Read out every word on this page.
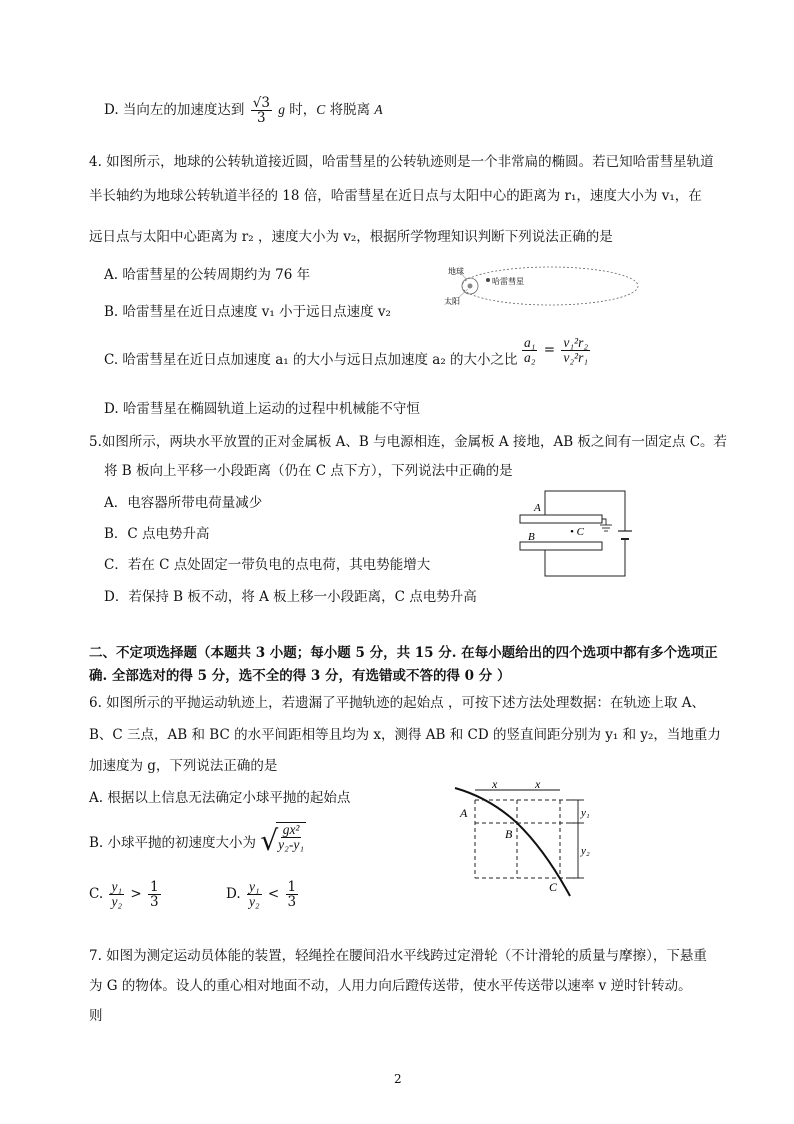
D. 当向左的加速度达到 $\frac{√3}{3}$ g 时，C 将脱离 A
4. 如图所示，地球的公转轨道接近圆，哈雷彗星的公转轨迹则是一个非常扁的椭圆。若已知哈雷彗星轨道
半长轴约为地球公转轨道半径的 18 倍，哈雷彗星在近日点与太阳中心的距离为 r₁，速度大小为 v₁，在
远日点与太阳中心距离为 r₂ ，速度大小为 v₂，根据所学物理知识判断下列说法正确的是
A. 哈雷彗星的公转周期约为 76 年
B. 哈雷彗星在近日点速度 v₁ 小于远日点速度 v₂
C. 哈雷彗星在近日点加速度 a₁ 的大小与远日点加速度 a₂ 的大小之比 $\frac{\text{a₁}}{\text{a₂}} = \frac{\text{v₁²r₂}}{\text{v₂²r₁}}$
D. 哈雷彗星在椭圆轨道上运动的过程中机械能不守恒
地球
太阳
哈雷彗星
5.如图所示，两块水平放置的正对金属板 A、B 与电源相连，金属板 A 接地，AB 板之间有一固定点 C。若
将 B 板向上平移一小段距离（仍在 C 点下方），下列说法中正确的是
A．电容器所带电荷量减少
B．C 点电势升高
C．若在 C 点处固定一带负电的点电荷，其电势能增大
D．若保持 B 板不动，将 A 板上移一小段距离，C 点电势升高
A
B	• C
二、不定项选择题（本题共 3 小题；每小题 5 分，共 15 分. 在每小题给出的四个选项中都有多个选项正
确. 全部选对的得 5 分，选不全的得 3 分，有选错或不答的得 0 分 ）
6. 如图所示的平抛运动轨迹上，若遗漏了平抛轨迹的起始点 ，可按下述方法处理数据：在轨迹上取 A、
B、C 三点，AB 和 BC 的水平间距相等且均为 x，测得 AB 和 CD 的竖直间距分别为 y₁ 和 y₂，当地重力
加速度为 g，下列说法正确的是
A. 根据以上信息无法确定小球平抛的起始点
B. 小球平抛的初速度大小为 √
$\frac{\text{gx²}}{\text{y₂-y₁}}$
C. $\frac{\text{y₁}}{\text{y₂}} > \frac{1}{3}$	D. $\frac{\text{y₁}}{\text{y₂}} < \frac{1}{3}$
x	x
y₁
y₂
A
B
C
7. 如图为测定运动员体能的装置，轻绳拴在腰间沿水平线跨过定滑轮（不计滑轮的质量与摩擦），下悬重
为 G 的物体。设人的重心相对地面不动，人用力向后蹬传送带，使水平传送带以速率 v 逆时针转动。
则
2
